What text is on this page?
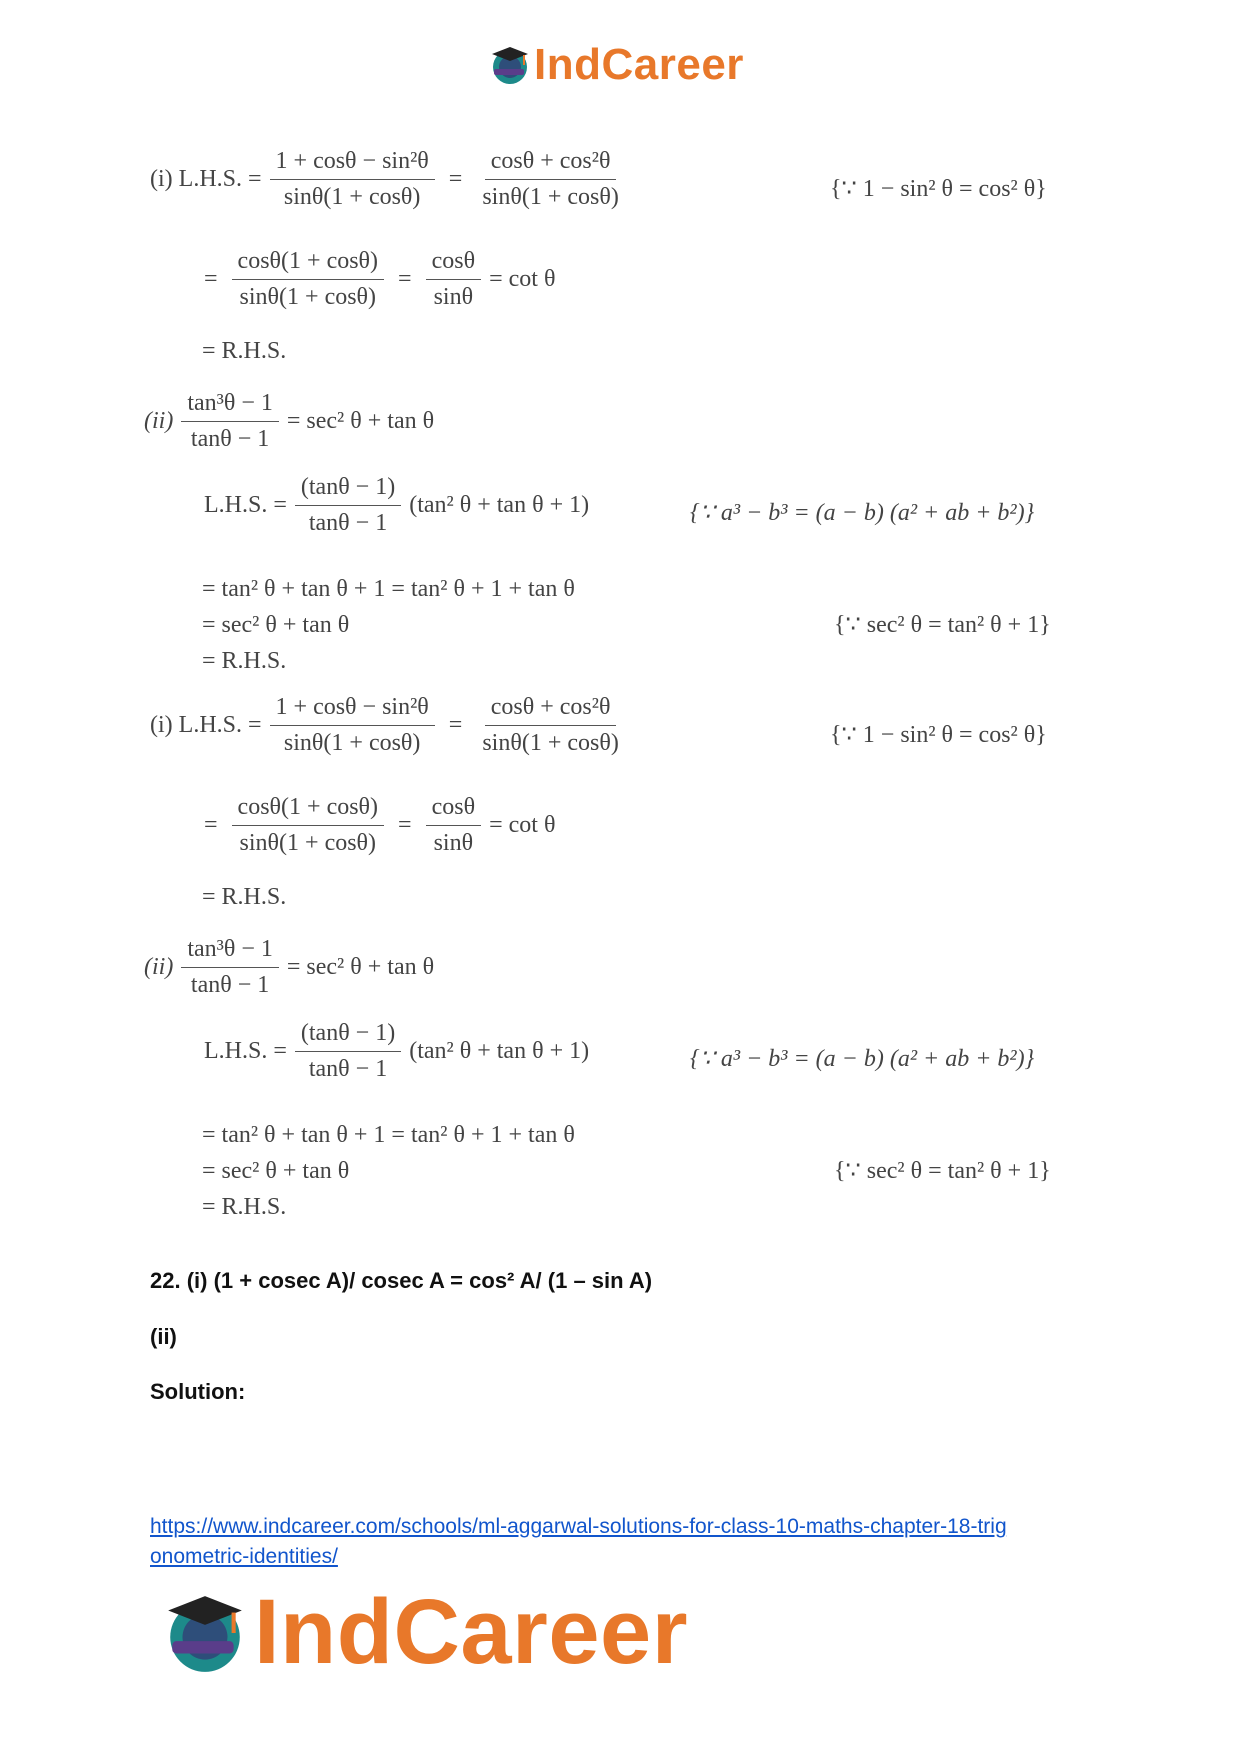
IndCareer
(i) L.H.S. = $\frac{\text{1 + cosθ − sin²θ}}{\sin\theta(1 + \cos\theta)} = \frac{\text{cosθ + cos²θ}}{\sin\theta(1 + \cos\theta)}$	{∵ 1 − sin² θ = cos² θ}
= $\frac{\cos\theta(1 + \cos\theta)}{\sin\theta(1 + \cos\theta)} = \frac{\cos\theta}{\sin\theta} = \cot \theta$
= R.H.S.
$(ii) \frac{\text{tan³θ − 1}}{\tan\theta - 1} = \sec^2$ θ + tan θ
L.H.S. = $\frac{(\tan\theta - 1)}{\tan\theta - 1} (\tan^2$ θ + tan θ + 1)	{∵ a³ − b³ = (a − b) (a² + ab + b²)}
= tan² θ + tan θ + 1 = tan² θ + 1 + tan θ
= sec² θ + tan θ	{∵ sec² θ = tan² θ + 1}
= R.H.S.
(i) L.H.S. = $\frac{\text{1 + cosθ − sin²θ}}{\sin\theta(1 + \cos\theta)} = \frac{\text{cosθ + cos²θ}}{\sin\theta(1 + \cos\theta)}$	{∵ 1 − sin² θ = cos² θ}
= $\frac{\cos\theta(1 + \cos\theta)}{\sin\theta(1 + \cos\theta)} = \frac{\cos\theta}{\sin\theta} = \cot \theta$
= R.H.S.
$(ii) \frac{\text{tan³θ − 1}}{\tan\theta - 1} = \sec^2$ θ + tan θ
L.H.S. = $\frac{(\tan\theta - 1)}{\tan\theta - 1} (\tan^2$ θ + tan θ + 1)	{∵ a³ − b³ = (a − b) (a² + ab + b²)}
= tan² θ + tan θ + 1 = tan² θ + 1 + tan θ
= sec² θ + tan θ	{∵ sec² θ = tan² θ + 1}
= R.H.S.
22. (i) (1 + cosec A)/ cosec A = cos² A/ (1 – sin A)
(ii)
Solution:
https://www.indcareer.com/schools/ml-aggarwal-solutions-for-class-10-maths-chapter-18-trig
onometric-identities/
IndCareer
